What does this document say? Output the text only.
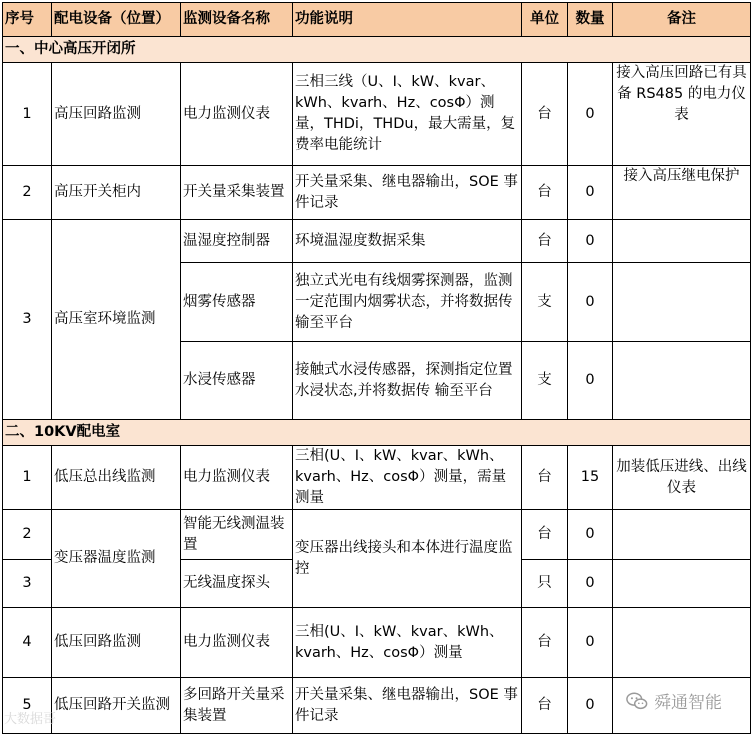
序号	配电设备（位置）	监测设备名称	功能说明	单位	数量	备注
一、中心高压开闭所						
1	高压回路监测	电力监测仪表	三相三线（U、I、kW、kvar、kWh、kvarh、Hz、cosΦ）测量，THDi，THDu，最大需量，复费率电能统计	台	0	接入高压回路已有具备 RS485 的电力仪表
2	高压开关柜内	开关量采集装置	开关量采集、继电器输出，SOE 事件记录	台	0	接入高压继电保护
3	高压室环境监测	温湿度控制器	环境温湿度数据采集	台	0	
		烟雾传感器	独立式光电有线烟雾探测器，监测一定范围内烟雾状态，并将数据传输至平台	支	0	
		水浸传感器	接触式水浸传感器，探测指定位置水浸状态,并将数据传 输至平台	支	0	
二、10KV配电室						
1	低压总出线监测	电力监测仪表	三相(U、I、kW、kvar、kWh、kvarh、Hz、cosΦ）测量，需量测量	台	15	加装低压进线、出线仪表
2	变压器温度监测	智能无线测温装置	变压器出线接头和本体进行温度监控	台	0	
3		无线温度探头		只	0	
4	低压回路监测	电力监测仪表	三相(U、I、kW、kvar、kWh、kvarh、Hz、cosΦ）测量	台	0	
5	低压回路开关监测	多回路开关量采集装置	开关量采集、继电器输出，SOE 事件记录	台	0		舜通智能
大数据哥
